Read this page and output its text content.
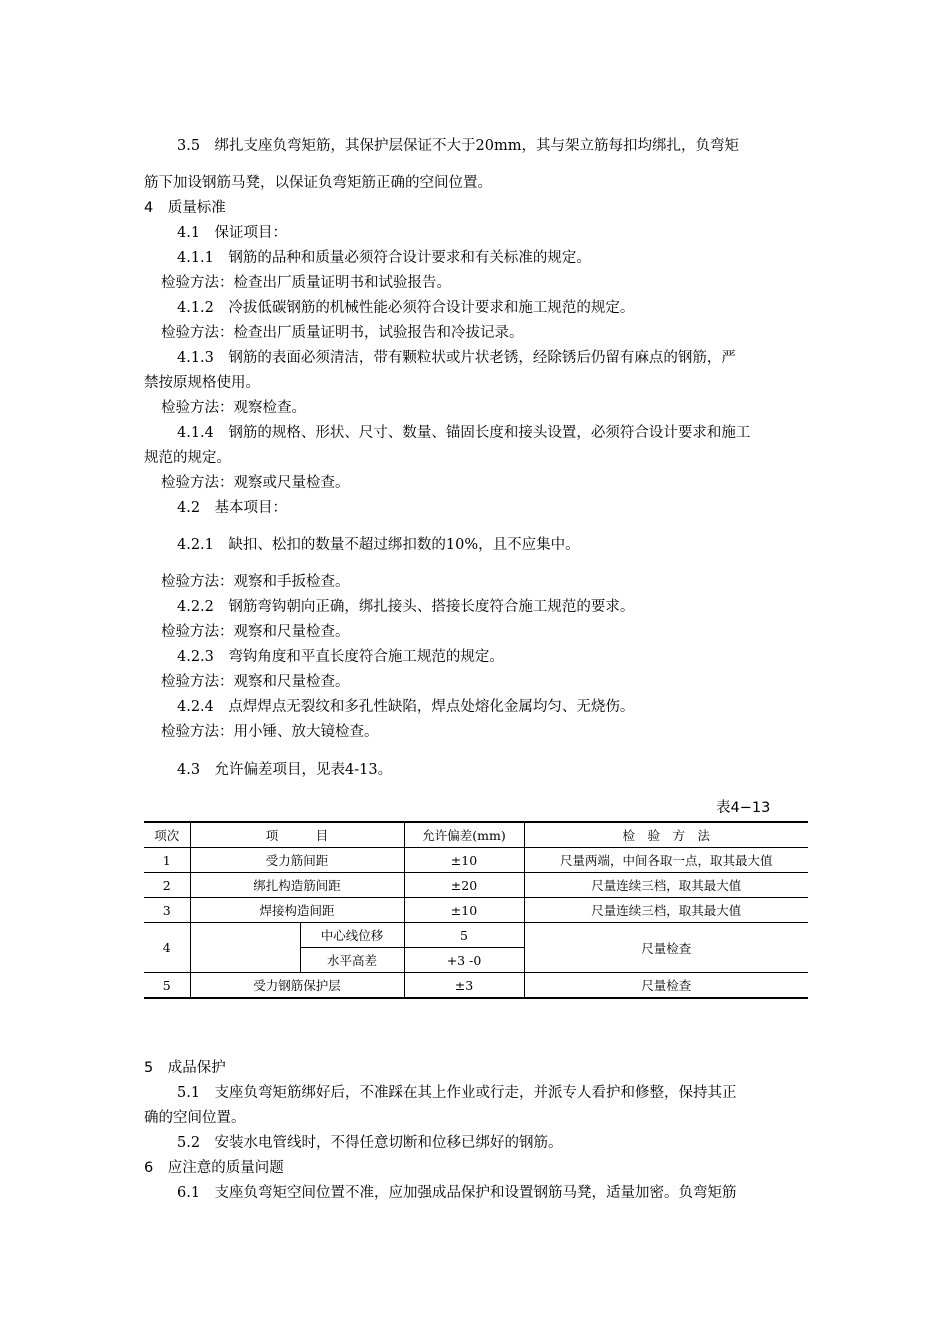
3.5　绑扎支座负弯矩筋，其保护层保证不大于20mm，其与架立筋每扣均绑扎，负弯矩
筋下加设钢筋马凳，以保证负弯矩筋正确的空间位置。
4　质量标准
4.1　保证项目：
4.1.1　钢筋的品种和质量必须符合设计要求和有关标准的规定。
检验方法：检查出厂质量证明书和试验报告。
4.1.2　冷拔低碳钢筋的机械性能必须符合设计要求和施工规范的规定。
检验方法：检查出厂质量证明书，试验报告和冷拔记录。
4.1.3　钢筋的表面必须清洁，带有颗粒状或片状老锈，经除锈后仍留有麻点的钢筋，严
禁按原规格使用。
检验方法：观察检查。
4.1.4　钢筋的规格、形状、尺寸、数量、锚固长度和接头设置，必须符合设计要求和施工
规范的规定。
检验方法：观察或尺量检查。
4.2　基本项目：
4.2.1　缺扣、松扣的数量不超过绑扣数的10%，且不应集中。
检验方法：观察和手扳检查。
4.2.2　钢筋弯钩朝向正确，绑扎接头、搭接长度符合施工规范的要求。
检验方法：观察和尺量检查。
4.2.3　弯钩角度和平直长度符合施工规范的规定。
检验方法：观察和尺量检查。
4.2.4　点焊焊点无裂纹和多孔性缺陷，焊点处熔化金属均匀、无烧伤。
检验方法：用小锤、放大镜检查。
4.3　允许偏差项目，见表4-13。
表4−13
项次	项　　　目		允许偏差(mm)	检　验　方　法
1	受力筋间距		±10	尺量两端，中间各取一点，取其最大值
2	绑扎构造筋间距		±20	尺量连续三档，取其最大值
3	焊接构造间距		±10	尺量连续三档，取其最大值
4		中心线位移	5	尺量检查
		水平高差	+3 -0	
5	受力钢筋保护层		±3	尺量检查
5　成品保护
5.1　支座负弯矩筋绑好后，不准踩在其上作业或行走，并派专人看护和修整，保持其正
确的空间位置。
5.2　安装水电管线时，不得任意切断和位移已绑好的钢筋。
6　应注意的质量问题
6.1　支座负弯矩空间位置不准，应加强成品保护和设置钢筋马凳，适量加密。负弯矩筋
